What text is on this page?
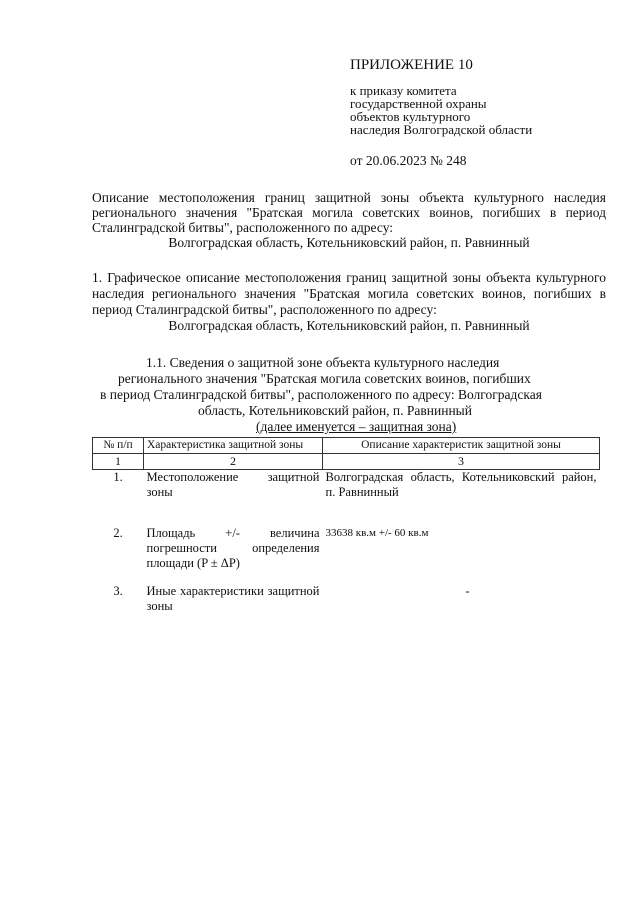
ПРИЛОЖЕНИЕ 10
к приказу комитета
государственной охраны
объектов культурного
наследия Волгоградской области
от 20.06.2023 № 248
Описание местоположения границ защитной зоны объекта культурного наследия регионального значения "Братская могила советских воинов, погибших в период Сталинградской битвы", расположенного по адресу:
Волгоградская область, Котельниковский район, п. Равнинный
1. Графическое описание местоположения границ защитной зоны объекта культурного наследия регионального значения "Братская могила советских воинов, погибших в период Сталинградской битвы", расположенного по адресу:
Волгоградская область, Котельниковский район, п. Равнинный
1.1. Сведения о защитной зоне объекта культурного наследия
регионального значения "Братская могила советских воинов, погибших
в период Сталинградской битвы", расположенного по адресу: Волгоградская
область, Котельниковский район, п. Равнинный
(далее именуется – защитная зона)
№ п/п	Характеристика защитной зоны	Описание характеристик защитной зоны
1	2	3
1.	Местоположение защитной зоны	Волгоградская область, Котельниковский район, п. Равнинный
2.	Площадь +/- величина погрешности определения площади (P ± ΔP)	33638 кв.м +/- 60 кв.м
3.	Иные характеристики защитной зоны	-
